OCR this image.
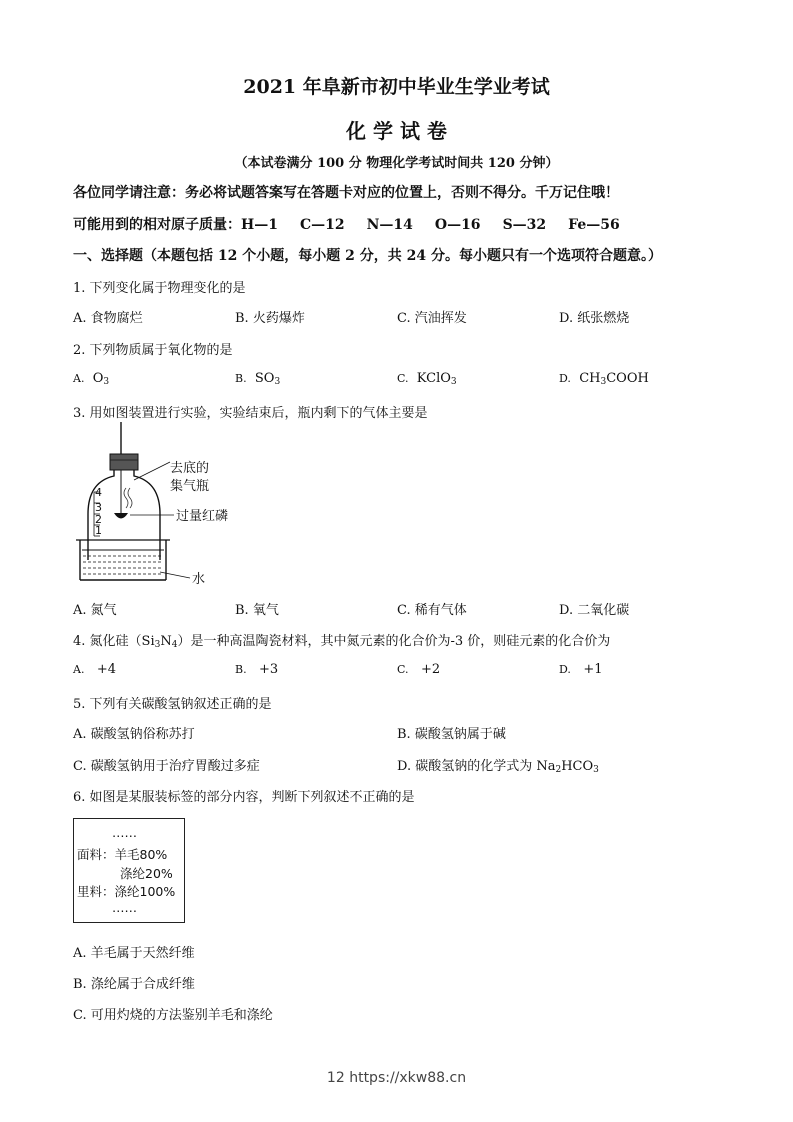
2021 年阜新市初中毕业生学业考试
化 学 试 卷
（本试卷满分 100 分 物理化学考试时间共 120 分钟）
各位同学请注意：务必将试题答案写在答题卡对应的位置上，否则不得分。千万记住哦！
可能用到的相对原子质量：H—1 C—12 N—14 O—16 S—32 Fe—56
一、选择题（本题包括 12 个小题，每小题 2 分，共 24 分。每小题只有一个选项符合题意。）
1. 下列变化属于物理变化的是
A. 食物腐烂	B. 火药爆炸	C. 汽油挥发	D. 纸张燃烧
2. 下列物质属于氧化物的是
A. $O_3$	B. $SO_3$	C. KClO$_3$	D. $CH_3COOH$
3. 用如图装置进行实验，实验结束后，瓶内剩下的气体主要是
4
3
2
1
去底的
集气瓶
过量红磷
水
A. 氮气	B. 氧气	C. 稀有气体	D. 二氧化碳
4. 氮化硅$(Si_3N_4)$是一种高温陶瓷材料，其中氮元素的化合价为-3 价，则硅元素的化合价为
A. +4	B. +3	C. +2	D. +1
5. 下列有关碳酸氢钠叙述正确的是
A. 碳酸氢钠俗称苏打	B. 碳酸氢钠属于碱
C. 碳酸氢钠用于治疗胃酸过多症	D. 碳酸氢钠的化学式为 $Na_2HCO_3$
6. 如图是某服装标签的部分内容，判断下列叙述不正确的是
……
面料：羊毛80%
涤纶20%
里料：涤纶100%
……
A. 羊毛属于天然纤维
B. 涤纶属于合成纤维
C. 可用灼烧的方法鉴别羊毛和涤纶
12 https://xkw88.cn
